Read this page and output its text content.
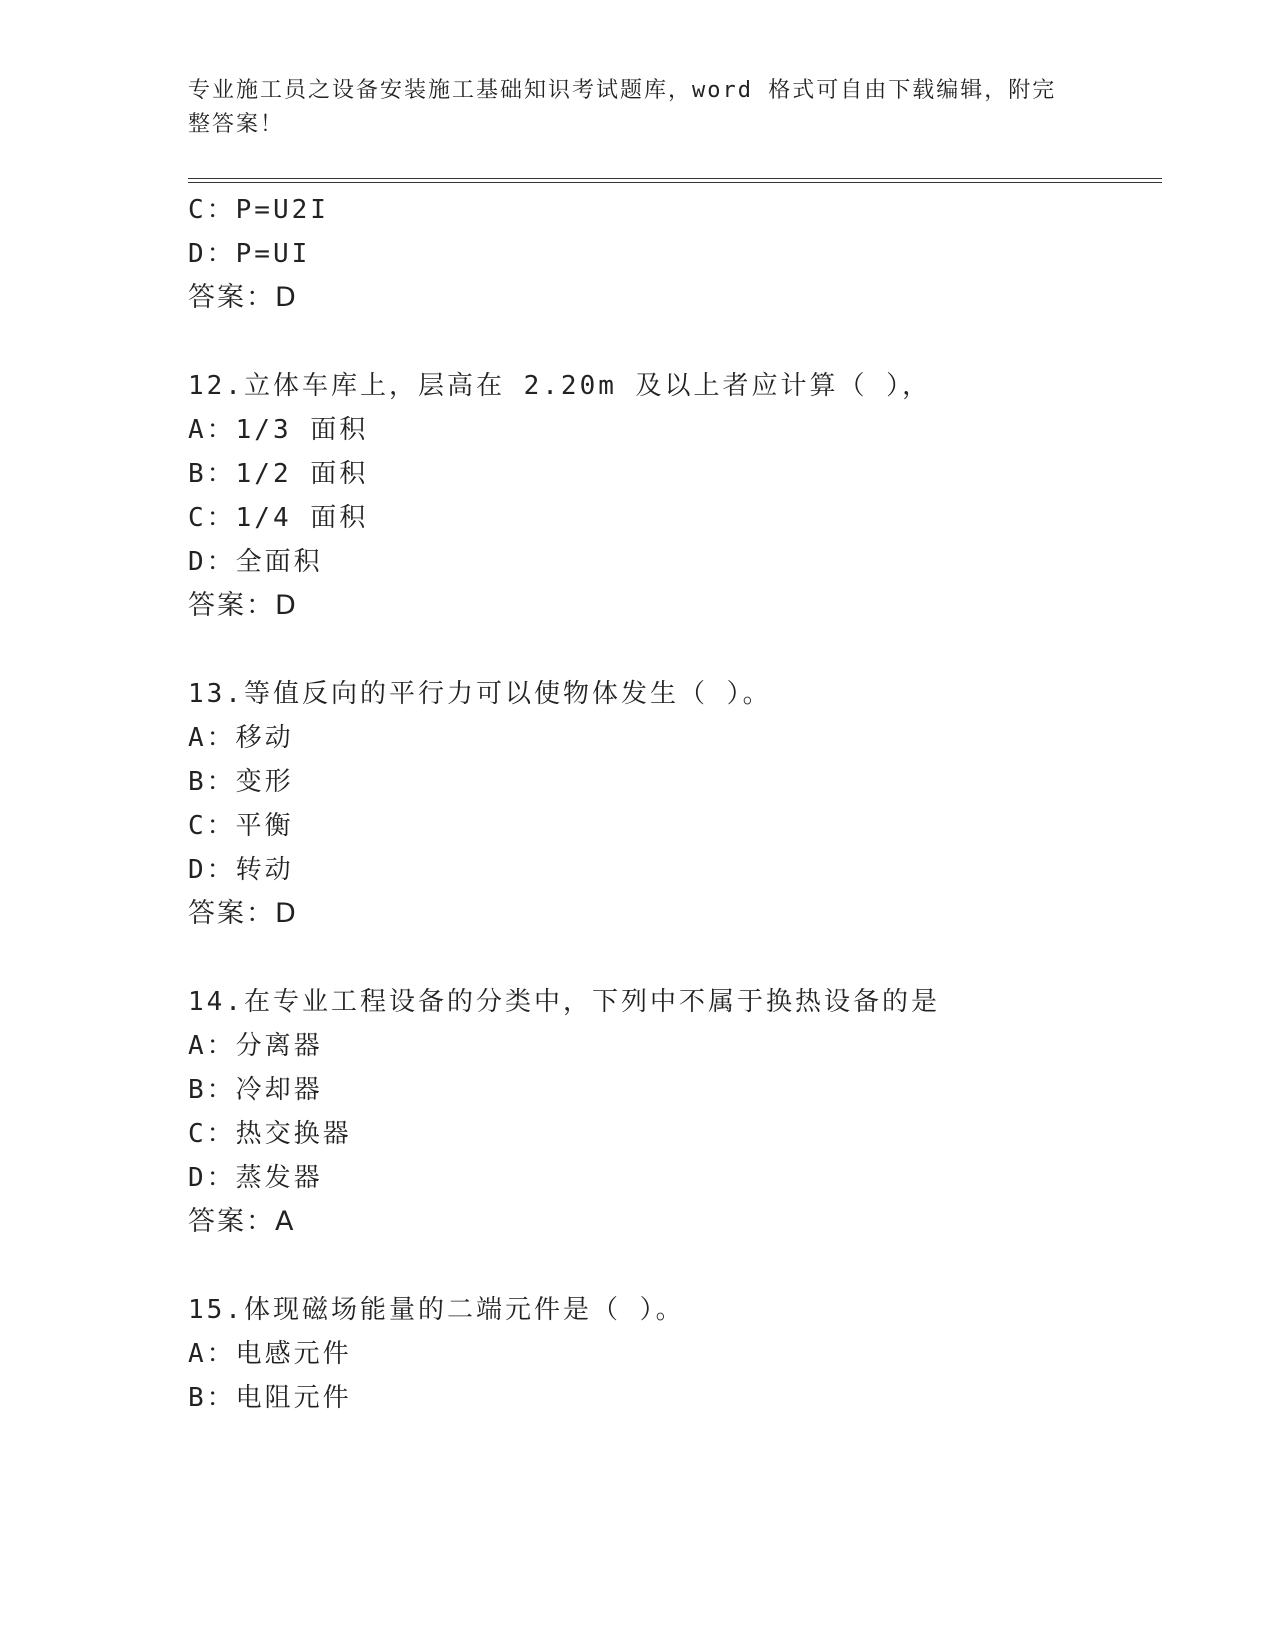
专业施工员之设备安装施工基础知识考试题库，word 格式可自由下载编辑，附完
整答案！
C：P=U2I
D：P=UI
答案：D
12.立体车库上，层高在 2.20m 及以上者应计算（ ），
A：1/3 面积
B：1/2 面积
C：1/4 面积
D：全面积
答案：D
13.等值反向的平行力可以使物体发生（ ）。
A：移动
B：变形
C：平衡
D：转动
答案：D
14.在专业工程设备的分类中，下列中不属于换热设备的是
A：分离器
B：冷却器
C：热交换器
D：蒸发器
答案：A
15.体现磁场能量的二端元件是（ ）。
A：电感元件
B：电阻元件
